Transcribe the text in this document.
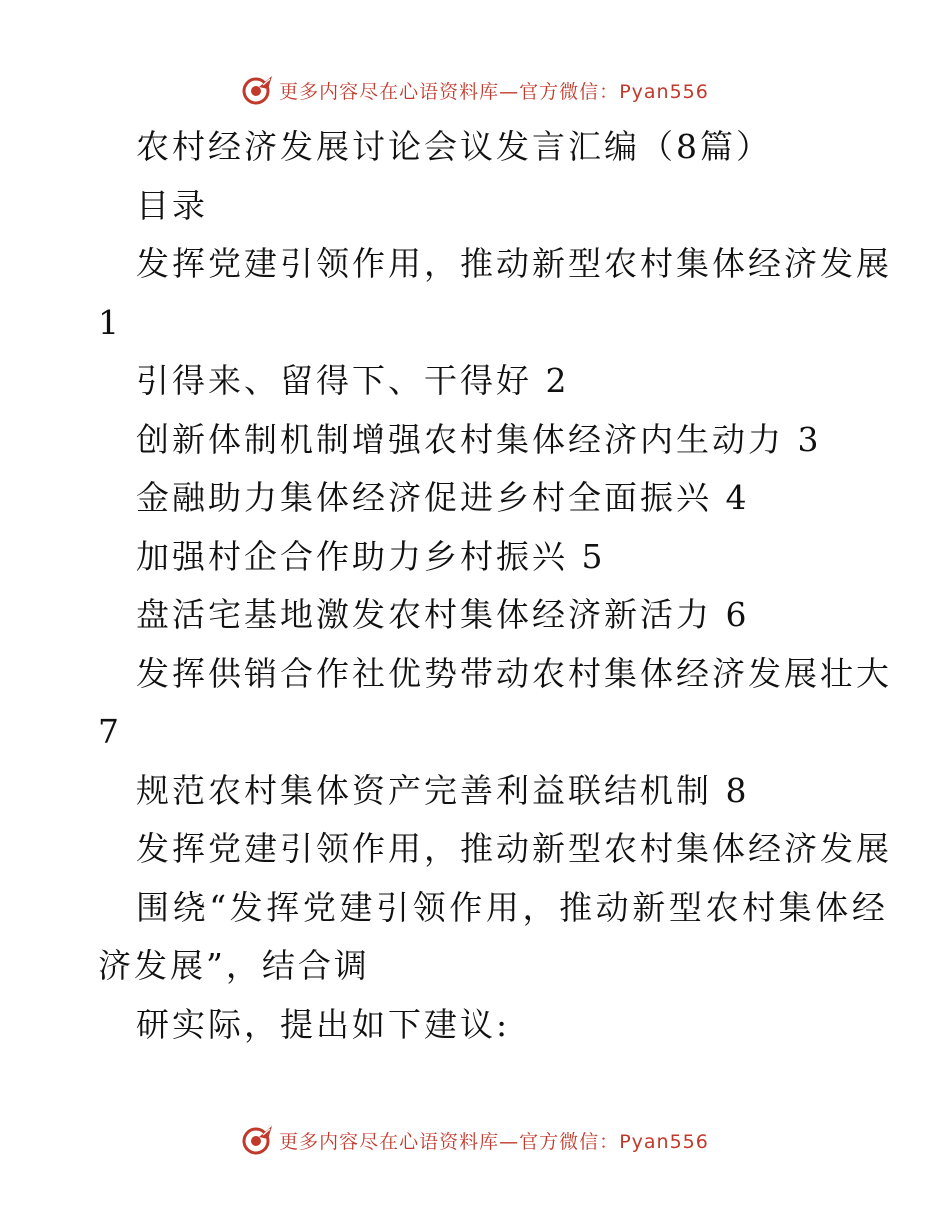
更多内容尽在心语资料库—官方微信：Pyan556
农村经济发展讨论会议发言汇编（8篇）
目录
发挥党建引领作用，推动新型农村集体经济发展
1
引得来、留得下、干得好 2
创新体制机制增强农村集体经济内生动力 3
金融助力集体经济促进乡村全面振兴 4
加强村企合作助力乡村振兴 5
盘活宅基地激发农村集体经济新活力 6
发挥供销合作社优势带动农村集体经济发展壮大
7
规范农村集体资产完善利益联结机制 8
发挥党建引领作用，推动新型农村集体经济发展
围绕“发挥党建引领作用，推动新型农村集体经
济发展”，结合调
研实际，提出如下建议:
更多内容尽在心语资料库—官方微信：Pyan556
